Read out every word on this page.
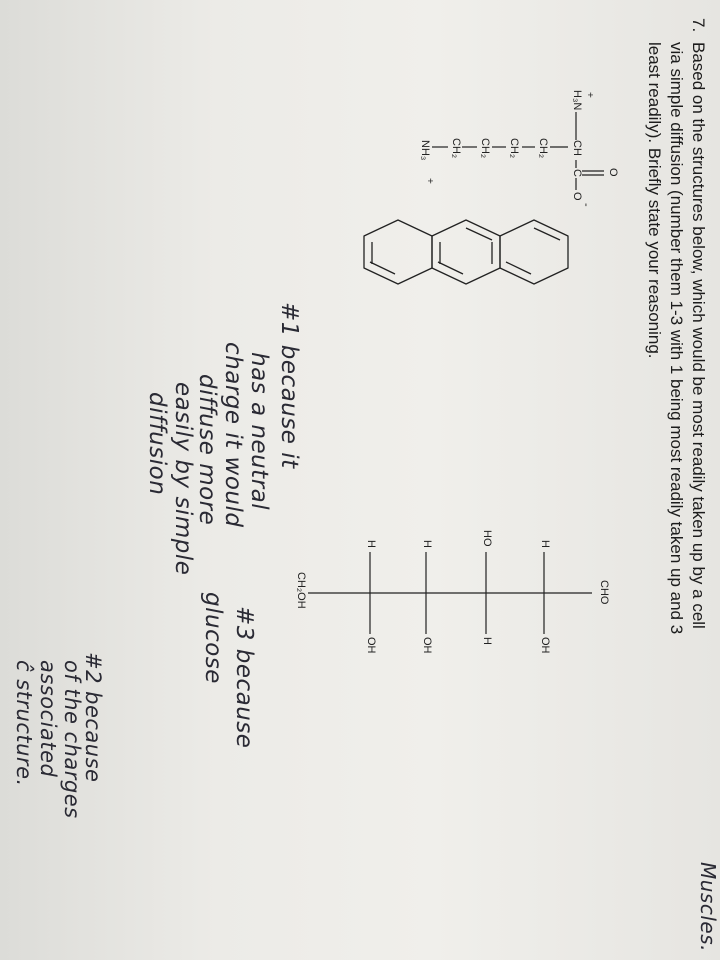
Muscles.
7.
Based on the structures below, which would be most readily taken up by a cell
via simple diffusion (number them 1-3 with 1 being most readily taken up and 3
least readily). Briefly state your reasoning.
O
-
+
H₃N
CH
C
O
CH₂
CH₂
CH₂
CH₂
NH₃
+
CHO
H
OH
HO
H
H
OH
H
OH
CH₂OH
#2 because
of the charges
associated
ĉ structure.
#1 because it
has a neutral
charge it would
diffuse more
easily by simple
diffusion
#3 because
glucose
